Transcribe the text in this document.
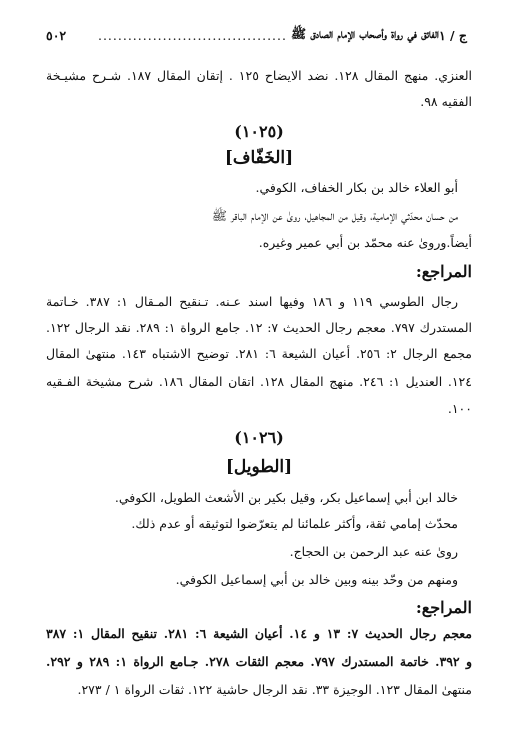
ج / ١
الفائق في رواة وأصحاب الإمام الصادق ﷺ
......................................
٥٠٢
العنزي. منهج المقال ١٢٨. نضد الايضاح ١٢٥ . إتقان المقال ١٨٧. شـرح مشيـخة
الفقيه ٩٨.
(١٠٢٥)
[الخَفّاف]
أبو العلاء خالد بن بكار الخفاف، الكوفي.
من حسان محدّثي الإمامية، وقيل من المجاهيل، روىٰ عن الإمام الباقر ﷺ
أيضاً.وروىٰ عنه محمّد بن أبي عمير وغيره.
المراجع:
رجال الطوسي ١١٩ و ١٨٦ وفيها اسند عـنه. تـنقيح المـقال ١: ٣٨٧. خـاتمة
المستدرك ٧٩٧. معجم رجال الحديث ٧: ١٢. جامع الرواة ١: ٢٨٩. نقد الرجال ١٢٢.
مجمع الرجال ٢: ٢٥٦. أعيان الشيعة ٦: ٢٨١. توضيح الاشتباه ١٤٣. منتهىٰ المقال
١٢٤. العنديل ١: ٢٤٦. منهج المقال ١٢٨. اتقان المقال ١٨٦. شرح مشيخة الفـقيه
١٠٠.
(١٠٢٦)
[الطويل]
خالد ابن أبي إسماعيل بكر، وقيل بكير بن الأشعث الطويل، الكوفي.
محدّث إمامي ثقة، وأكثر علمائنا لم يتعرّضوا لتوثيقه أو عدم ذلك.
روىٰ عنه عبد الرحمن بن الحجاج.
ومنهم من وحّد بينه وبين خالد بن أبي إسماعيل الكوفي.
المراجع:
معجم رجال الحديث ٧: ١٣ و ١٤. أعيان الشيعة ٦: ٢٨١. تنقيح المقال ١: ٣٨٧
و ٣٩٢. خاتمة المستدرك ٧٩٧. معجم الثقات ٢٧٨. جـامع الرواة ١: ٢٨٩ و ٢٩٢.
منتهىٰ المقال ١٢٣. الوجيزة ٣٣. نقد الرجال حاشية ١٢٢. ثقات الرواة ١ / ٢٧٣.
